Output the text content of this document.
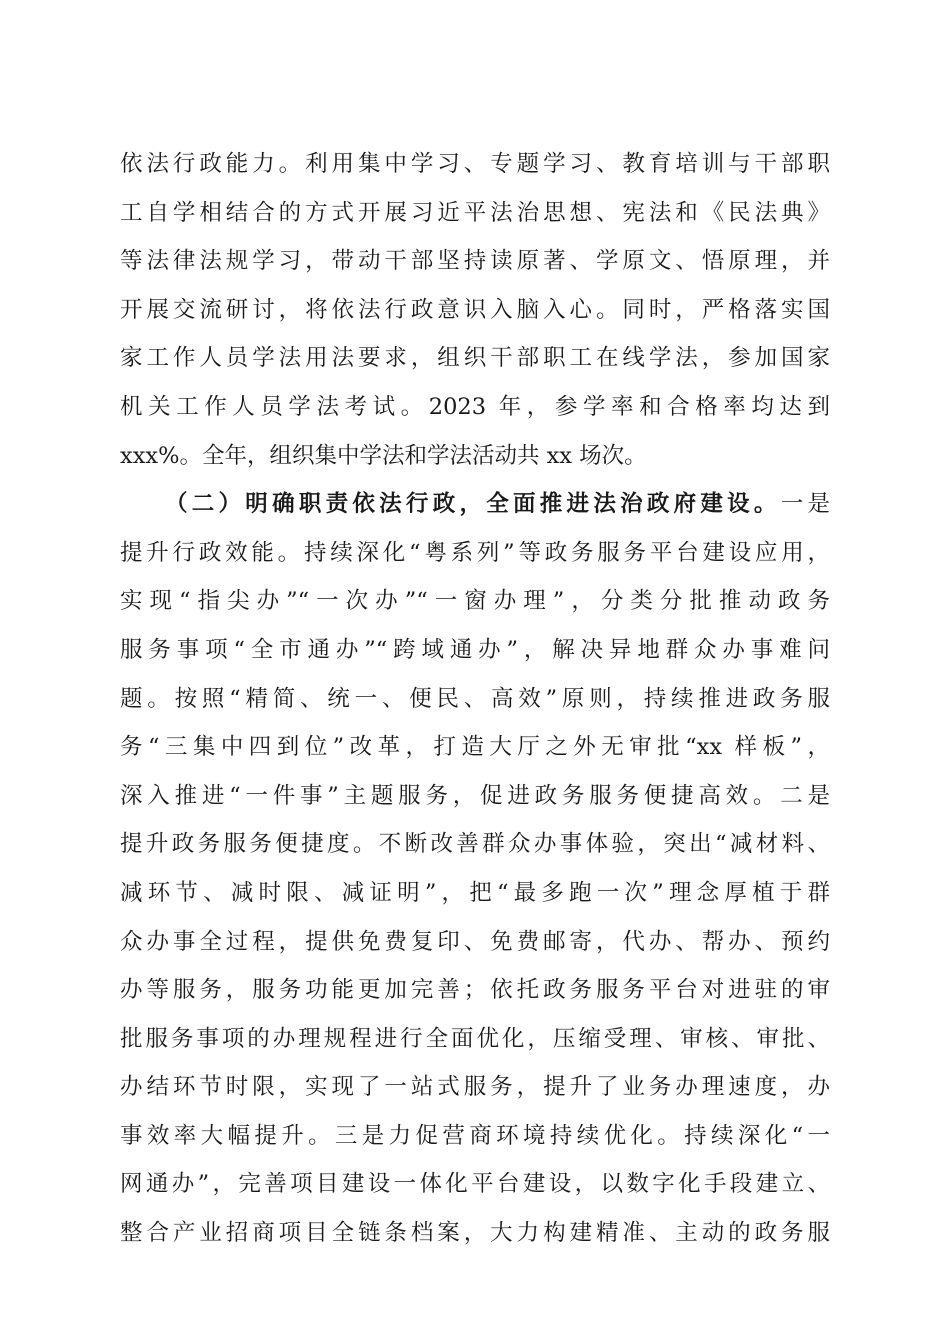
依法行政能力。利用集中学习、专题学习、教育培训与干部职
工自学相结合的方式开展习近平法治思想、宪法和《民法典》
等法律法规学习，带动干部坚持读原著、学原文、悟原理，并
开展交流研讨，将依法行政意识入脑入心。同时，严格落实国
家工作人员学法用法要求，组织干部职工在线学法，参加国家
机关工作人员学法考试。2023 年，参学率和合格率均达到
xxx%。全年，组织集中学法和学法活动共 xx 场次。
（二）明确职责依法行政，全面推进法治政府建设。一是
提升行政效能。持续深化“粤系列”等政务服务平台建设应用，
实现“指尖办”“一次办”“一窗办理”，分类分批推动政务
服务事项“全市通办”“跨域通办”，解决异地群众办事难问
题。按照“精简、统一、便民、高效”原则，持续推进政务服
务“三集中四到位”改革，打造大厅之外无审批“xx 样板”，
深入推进“一件事”主题服务，促进政务服务便捷高效。二是
提升政务服务便捷度。不断改善群众办事体验，突出“减材料、
减环节、减时限、减证明”，把“最多跑一次”理念厚植于群
众办事全过程，提供免费复印、免费邮寄，代办、帮办、预约
办等服务，服务功能更加完善；依托政务服务平台对进驻的审
批服务事项的办理规程进行全面优化，压缩受理、审核、审批、
办结环节时限，实现了一站式服务，提升了业务办理速度，办
事效率大幅提升。三是力促营商环境持续优化。持续深化“一
网通办”，完善项目建设一体化平台建设，以数字化手段建立、
整合产业招商项目全链条档案，大力构建精准、主动的政务服
